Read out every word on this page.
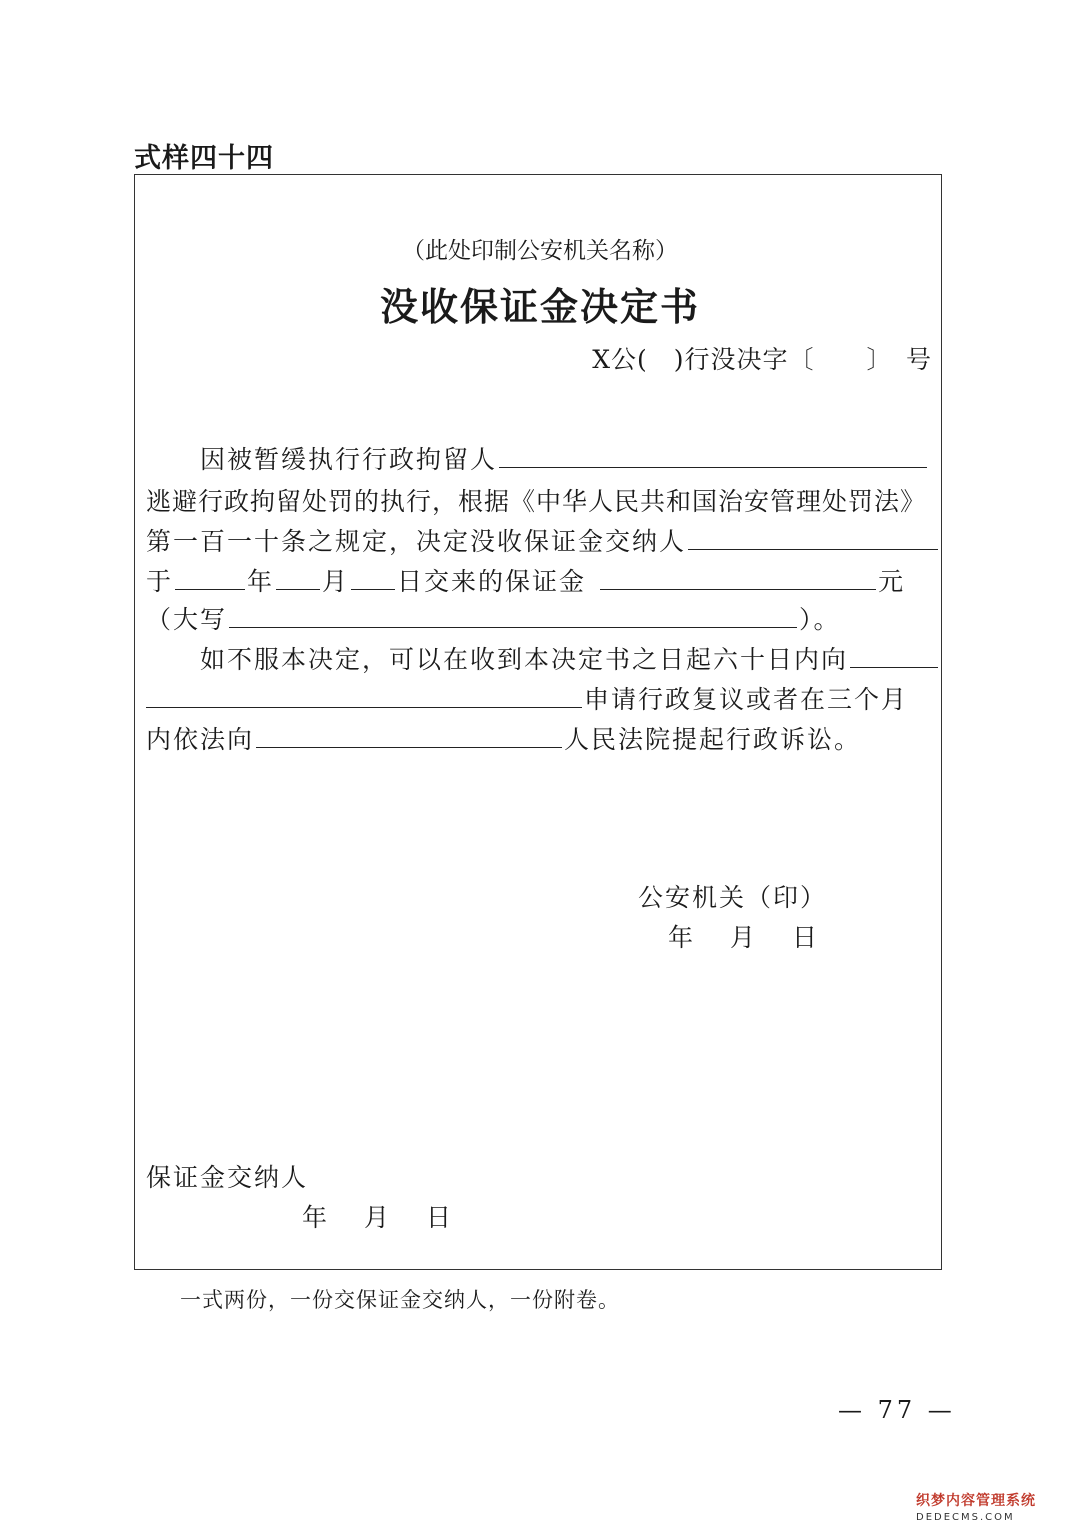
式样四十四
（此处印制公安机关名称）
没收保证金决定书
X公(　)行没决字〔　　〕　号
因被暂缓执行行政拘留人
逃避行政拘留处罚的执行，根据《中华人民共和国治安管理处罚法》
第一百一十条之规定，决定没收保证金交纳人
于	年 月 日交来的保证金	元
（大写	）。
如不服本决定，可以在收到本决定书之日起六十日内向
申请行政复议或者在三个月
内依法向	人民法院提起行政诉讼。
公安机关（印）
年　月　日
保证金交纳人
年　月　日
一式两份，一份交保证金交纳人，一份附卷。
— 77 —
织梦内容管理系统
DEDECMS.COM
